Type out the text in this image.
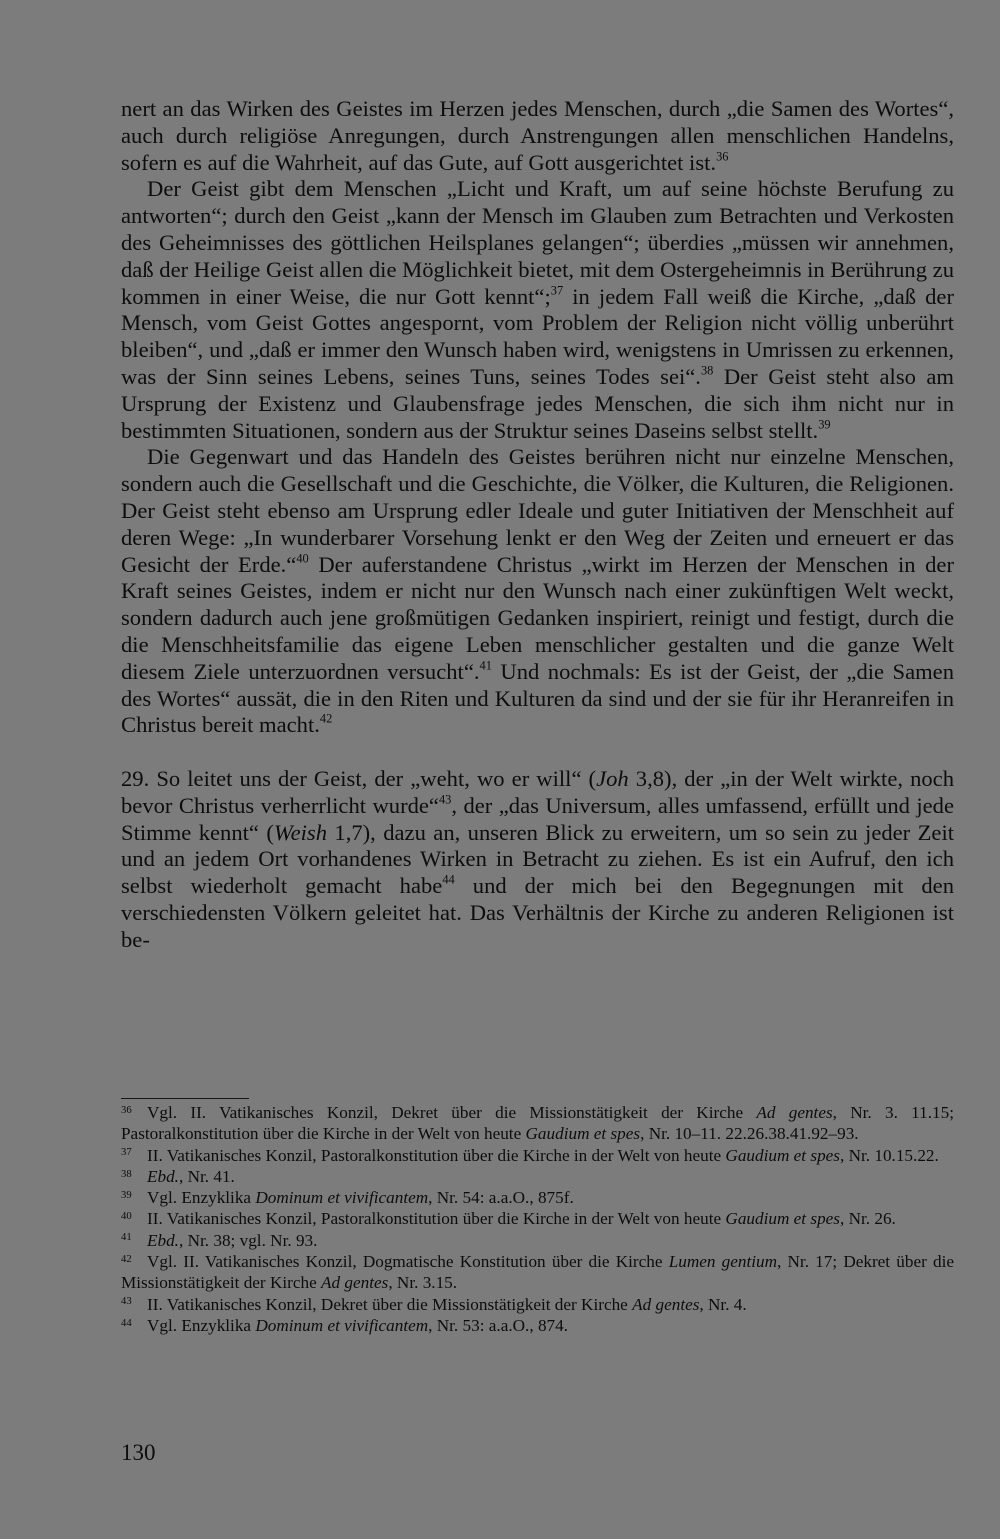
nert an das Wirken des Geistes im Herzen jedes Menschen, durch „die Samen des Wortes“, auch durch religiöse Anregungen, durch Anstrengungen allen menschlichen Handelns, sofern es auf die Wahrheit, auf das Gute, auf Gott ausgerichtet ist.$^{36}$

Der Geist gibt dem Menschen „Licht und Kraft, um auf seine höchste Berufung zu antworten“; durch den Geist „kann der Mensch im Glauben zum Betrachten und Verkosten des Geheimnisses des göttlichen Heilsplanes gelangen“; überdies „müssen wir annehmen, daß der Heilige Geist allen die Möglichkeit bietet, mit dem Ostergeheimnis in Berührung zu kommen in einer Weise, die nur Gott kennt“;$^{37}$ in jedem Fall weiß die Kirche, „daß der Mensch, vom Geist Gottes angespornt, vom Problem der Religion nicht völlig unberührt bleiben“, und „daß er immer den Wunsch haben wird, wenigstens in Umrissen zu erkennen, was der Sinn seines Lebens, seines Tuns, seines Todes sei“.$^{38}$ Der Geist steht also am Ursprung der Existenz und Glaubensfrage jedes Menschen, die sich ihm nicht nur in bestimmten Situationen, sondern aus der Struktur seines Daseins selbst stellt.$^{39}$

Die Gegenwart und das Handeln des Geistes berühren nicht nur einzelne Menschen, sondern auch die Gesellschaft und die Geschichte, die Völker, die Kulturen, die Religionen. Der Geist steht ebenso am Ursprung edler Ideale und guter Initiativen der Menschheit auf deren Wege: „In wunderbarer Vorsehung lenkt er den Weg der Zeiten und erneuert er das Gesicht der Erde.“$^{40}$ Der auferstandene Christus „wirkt im Herzen der Menschen in der Kraft seines Geistes, indem er nicht nur den Wunsch nach einer zukünftigen Welt weckt, sondern dadurch auch jene großmütigen Gedanken inspiriert, reinigt und festigt, durch die die Menschheitsfamilie das eigene Leben menschlicher gestalten und die ganze Welt diesem Ziele unterzuordnen versucht“.$^{41}$ Und nochmals: Es ist der Geist, der „die Samen des Wortes“ aussät, die in den Riten und Kulturen da sind und der sie für ihr Heranreifen in Christus bereit macht.$^{42}$

29. So leitet uns der Geist, der „weht, wo er will“ (Joh 3,8), der „in der Welt wirkte, noch bevor Christus verherrlicht wurde“$^{43}$, der „das Universum, alles umfassend, erfüllt und jede Stimme kennt“ (Weish 1,7), dazu an, unseren Blick zu erweitern, um so sein zu jeder Zeit und an jedem Ort vorhandenes Wirken in Betracht zu ziehen. Es ist ein Aufruf, den ich selbst wiederholt gemacht habe$^{44}$ und der mich bei den Begegnungen mit den verschiedensten Völkern geleitet hat. Das Verhältnis der Kirche zu anderen Religionen ist be-

36 Vgl. II. Vatikanisches Konzil, Dekret über die Missionstätigkeit der Kirche Ad gentes, Nr. 3. 11.15; Pastoralkonstitution über die Kirche in der Welt von heute Gaudium et spes, Nr. 10–11. 22.26.38.41.92–93.
37 II. Vatikanisches Konzil, Pastoralkonstitution über die Kirche in der Welt von heute Gaudium et spes, Nr. 10.15.22.
38 Ebd., Nr. 41.
39 Vgl. Enzyklika Dominum et vivificantem, Nr. 54: a.a.O., 875f.
40 II. Vatikanisches Konzil, Pastoralkonstitution über die Kirche in der Welt von heute Gaudium et spes, Nr. 26.
41 Ebd., Nr. 38; vgl. Nr. 93.
42 Vgl. II. Vatikanisches Konzil, Dogmatische Konstitution über die Kirche Lumen gentium, Nr. 17; Dekret über die Missionstätigkeit der Kirche Ad gentes, Nr. 3.15.
43 II. Vatikanisches Konzil, Dekret über die Missionstätigkeit der Kirche Ad gentes, Nr. 4.
44 Vgl. Enzyklika Dominum et vivificantem, Nr. 53: a.a.O., 874.
130
